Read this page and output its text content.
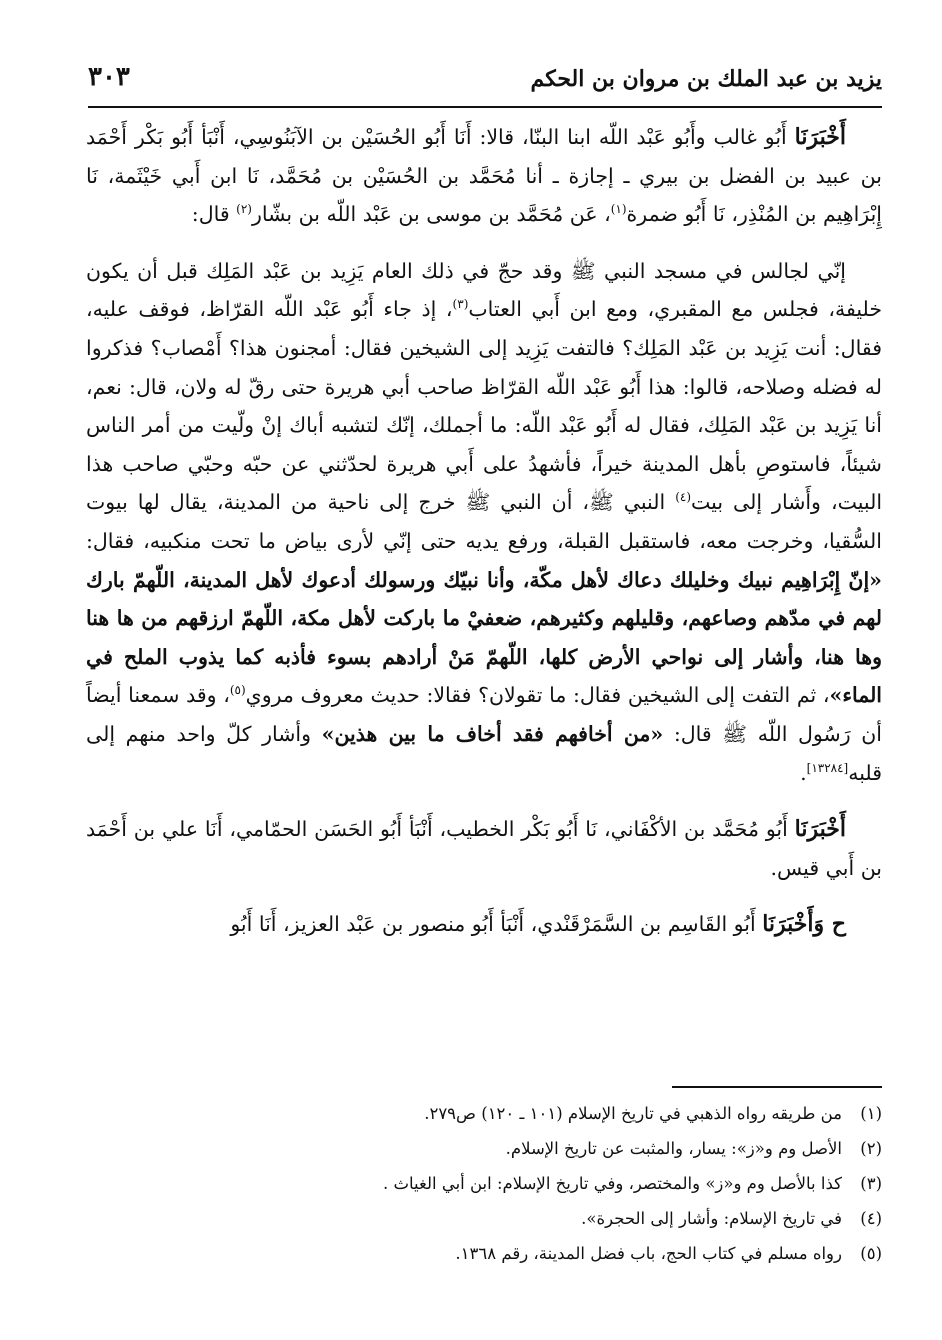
يزيد بن عبد الملك بن مروان بن الحكم
٣٠٣

أَخْبَرَنَا أَبُو غالب وأَبُو عَبْد اللّه ابنا البنّا، قالا: أَنَا أَبُو الحُسَيْن بن الآبَنُوسِي، أَنْبَأ أَبُو بَكْر أَحْمَد بن عبيد بن الفضل بن بيري ـ إجازة ـ أنا مُحَمَّد بن الحُسَيْن بن مُحَمَّد، نَا ابن أَبي خَيْثَمة، نَا إِبْرَاهِيم بن المُنْذِر، نَا أَبُو ضمرة$^{(١)}$، عَن مُحَمَّد بن موسى بن عَبْد اللّه بن بشّار$^{(٢)}$ قال:

إنّي لجالس في مسجد النبي ﷺ وقد حجّ في ذلك العام يَزِيد بن عَبْد المَلِك قبل أن يكون خليفة، فجلس مع المقبري، ومع ابن أَبي العتاب$^{(٣)}$، إذ جاء أَبُو عَبْد اللّه القرّاظ، فوقف عليه، فقال: أنت يَزِيد بن عَبْد المَلِك؟ فالتفت يَزِيد إلى الشيخين فقال: أمجنون هذا؟ أَمْصاب؟ فذكروا له فضله وصلاحه، قالوا: هذا أَبُو عَبْد اللّه القرّاظ صاحب أبي هريرة حتى رقّ له ولان، قال: نعم، أنا يَزِيد بن عَبْد المَلِك، فقال له أَبُو عَبْد اللّه: ما أجملك، إنّك لتشبه أباك إنْ ولّيت من أمر الناس شيئاً، فاستوصِ بأهل المدينة خيراً، فأشهدُ على أَبي هريرة لحدّثني عن حبّه وحبّي صاحب هذا البيت، وأَشار إلى بيت$^{(٤)}$ النبي ﷺ، أن النبي ﷺ خرج إلى ناحية من المدينة، يقال لها بيوت السُّقيا، وخرجت معه، فاستقبل القبلة، ورفع يديه حتى إنّي لأرى بياض ما تحت منكبيه، فقال: «إنّ إِبْرَاهِيم نبيك وخليلك دعاك لأهل مكّة، وأنا نبيّك ورسولك أدعوك لأهل المدينة، اللّهمّ بارك لهم في مدّهم وصاعهم، وقليلهم وكثيرهم، ضعفيْ ما باركت لأهل مكة، اللّهمّ ارزقهم من ها هنا وها هنا، وأشار إلى نواحي الأرض كلها، اللّهمّ مَنْ أرادهم بسوء فأذبه كما يذوب الملح في الماء»، ثم التفت إلى الشيخين فقال: ما تقولان؟ فقالا: حديث معروف مروي$^{(٥)}$، وقد سمعنا أيضاً أن رَسُول اللّه ﷺ قال: «من أخافهم فقد أخاف ما بين هذين» وأشار كلّ واحد منهم إلى قلبه[١٣٢٨٤].

أَخْبَرَنَا أَبُو مُحَمَّد بن الأكْفَاني، نَا أَبُو بَكْر الخطيب، أَنْبَأ أَبُو الحَسَن الحمّامي، أَنَا علي بن أَحْمَد بن أَبي قيس.

ح وَأَخْبَرَنَا أَبُو القَاسِم بن السَّمَرْقَنْدي، أَنْبَأ أَبُو منصور بن عَبْد العزيز، أَنَا أَبُو

(١)من طريقه رواه الذهبي في تاريخ الإسلام (١٠١ ـ ١٢٠) ص٢٧٩.

(٢)الأصل وم و«ز»: يسار، والمثبت عن تاريخ الإسلام.

(٣)كذا بالأصل وم و«ز» والمختصر، وفي تاريخ الإسلام: ابن أبي الغياث .

(٤)في تاريخ الإسلام: وأشار إلى الحجرة».

(٥)رواه مسلم في كتاب الحج، باب فضل المدينة، رقم ١٣٦٨.
